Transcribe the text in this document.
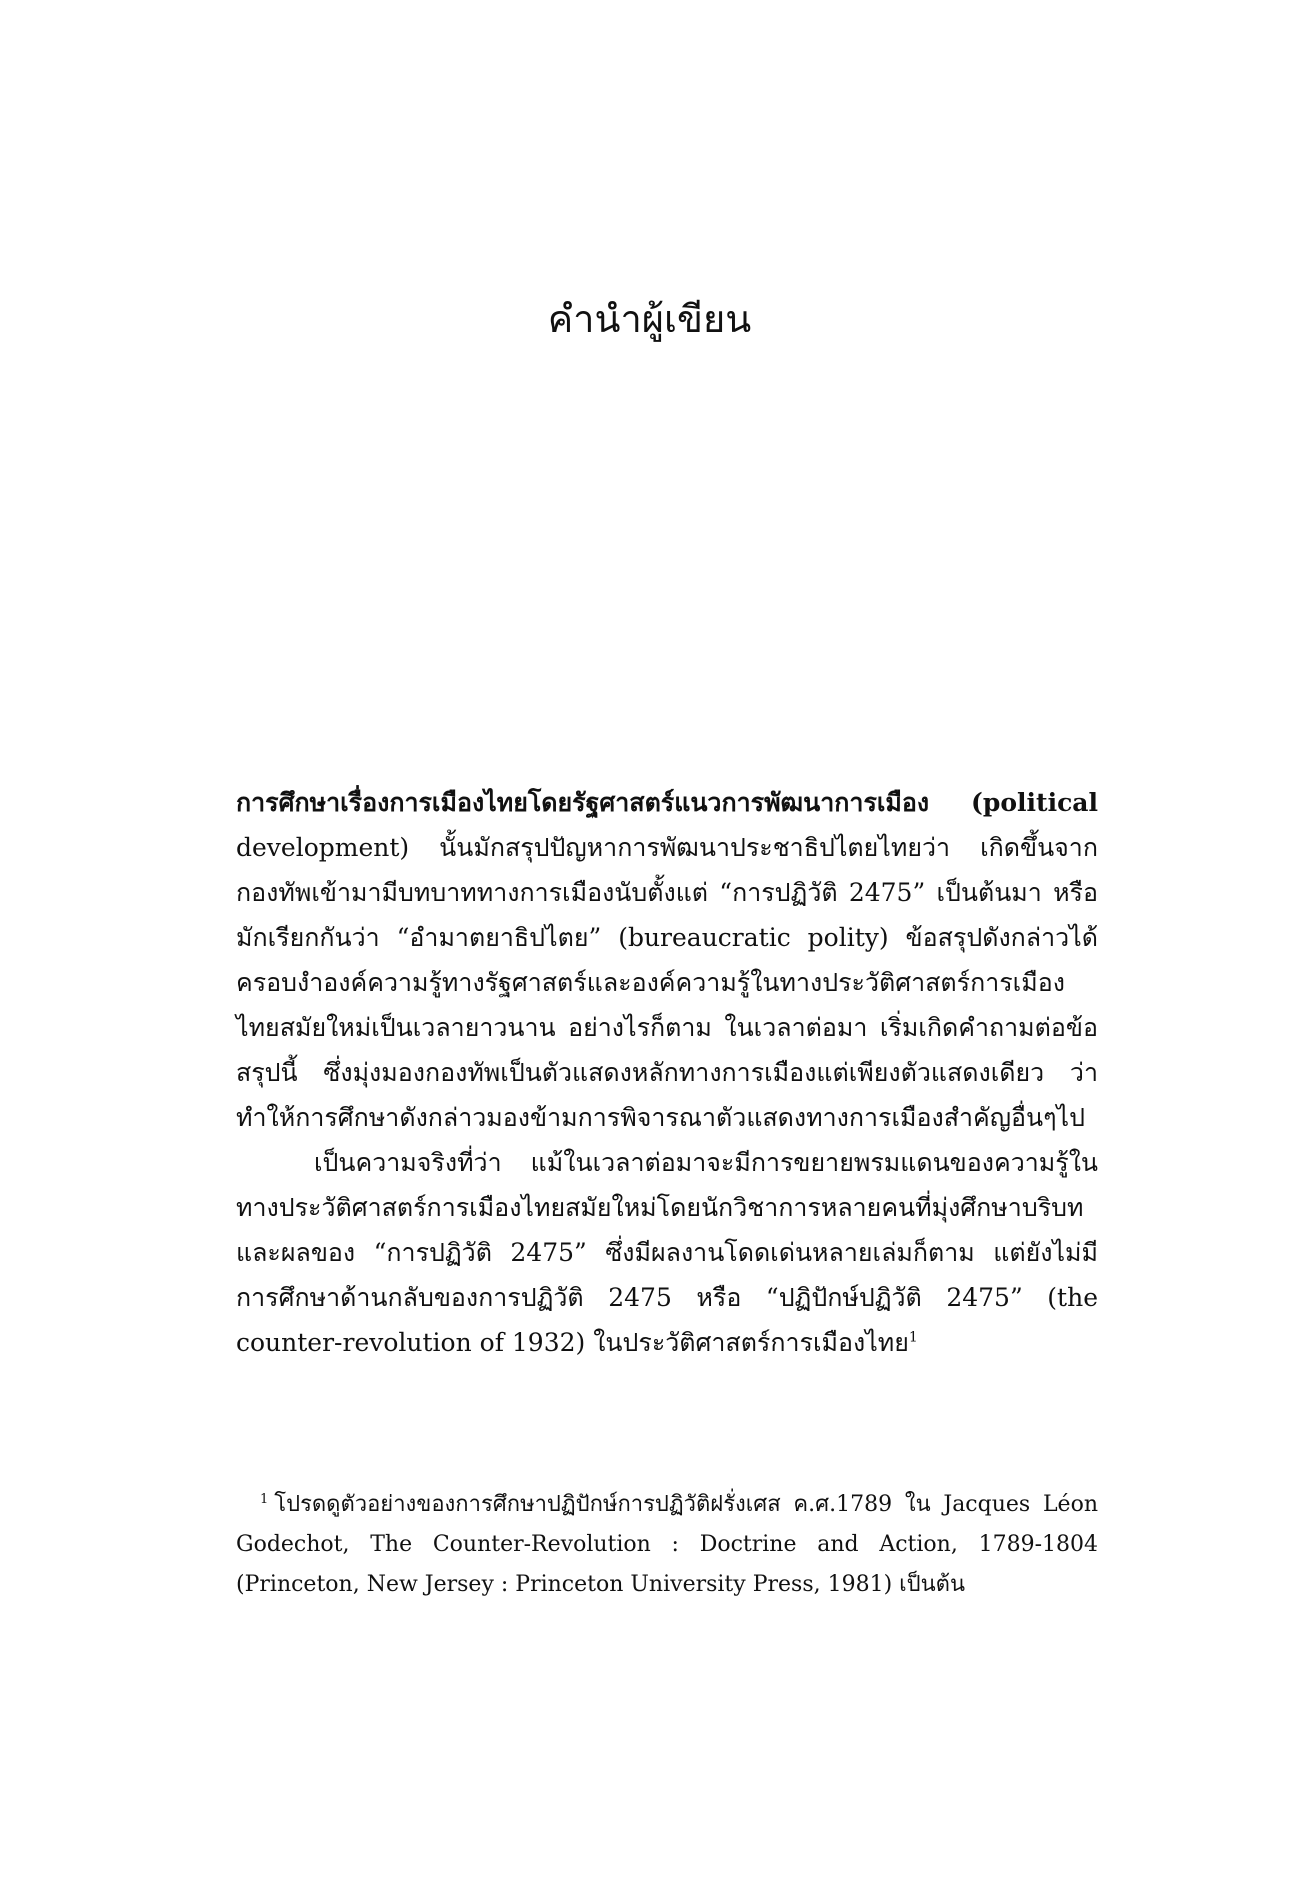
คำนำผู้เขียน

การศึกษาเรื่องการเมืองไทยโดยรัฐศาสตร์แนวการพัฒนาการเมือง (political development) นั้นมักสรุปปัญหาการพัฒนาประชาธิปไตยไทยว่า เกิดขึ้นจากกองทัพเข้ามามีบทบาททางการเมืองนับตั้งแต่ “การปฏิวัติ 2475” เป็นต้นมา หรือมักเรียกกันว่า “อำมาตยาธิปไตย” (bureaucratic polity) ข้อสรุปดังกล่าวได้ครอบงำองค์ความรู้ทางรัฐศาสตร์และองค์ความรู้ในทางประวัติศาสตร์การเมืองไทยสมัยใหม่เป็นเวลายาวนาน อย่างไรก็ตาม ในเวลาต่อมา เริ่มเกิดคำถามต่อข้อสรุปนี้ ซึ่งมุ่งมองกองทัพเป็นตัวแสดงหลักทางการเมืองแต่เพียงตัวแสดงเดียว ว่าทำให้การศึกษาดังกล่าวมองข้ามการพิจารณาตัวแสดงทางการเมืองสำคัญอื่นๆไป

เป็นความจริงที่ว่า แม้ในเวลาต่อมาจะมีการขยายพรมแดนของความรู้ในทางประวัติศาสตร์การเมืองไทยสมัยใหม่โดยนักวิชาการหลายคนที่มุ่งศึกษาบริบทและผลของ “การปฏิวัติ 2475” ซึ่งมีผลงานโดดเด่นหลายเล่มก็ตาม แต่ยังไม่มีการศึกษาด้านกลับของการปฏิวัติ 2475 หรือ “ปฏิปักษ์ปฏิวัติ 2475” (the counter-revolution of 1932) ในประวัติศาสตร์การเมืองไทย$^1$

$^1$ โปรดดูตัวอย่างของการศึกษาปฏิปักษ์การปฏิวัติฝรั่งเศส ค.ศ.1789 ใน Jacques Léon Godechot, The Counter-Revolution : Doctrine and Action, 1789-1804 (Princeton, New Jersey : Princeton University Press, 1981) เป็นต้น
